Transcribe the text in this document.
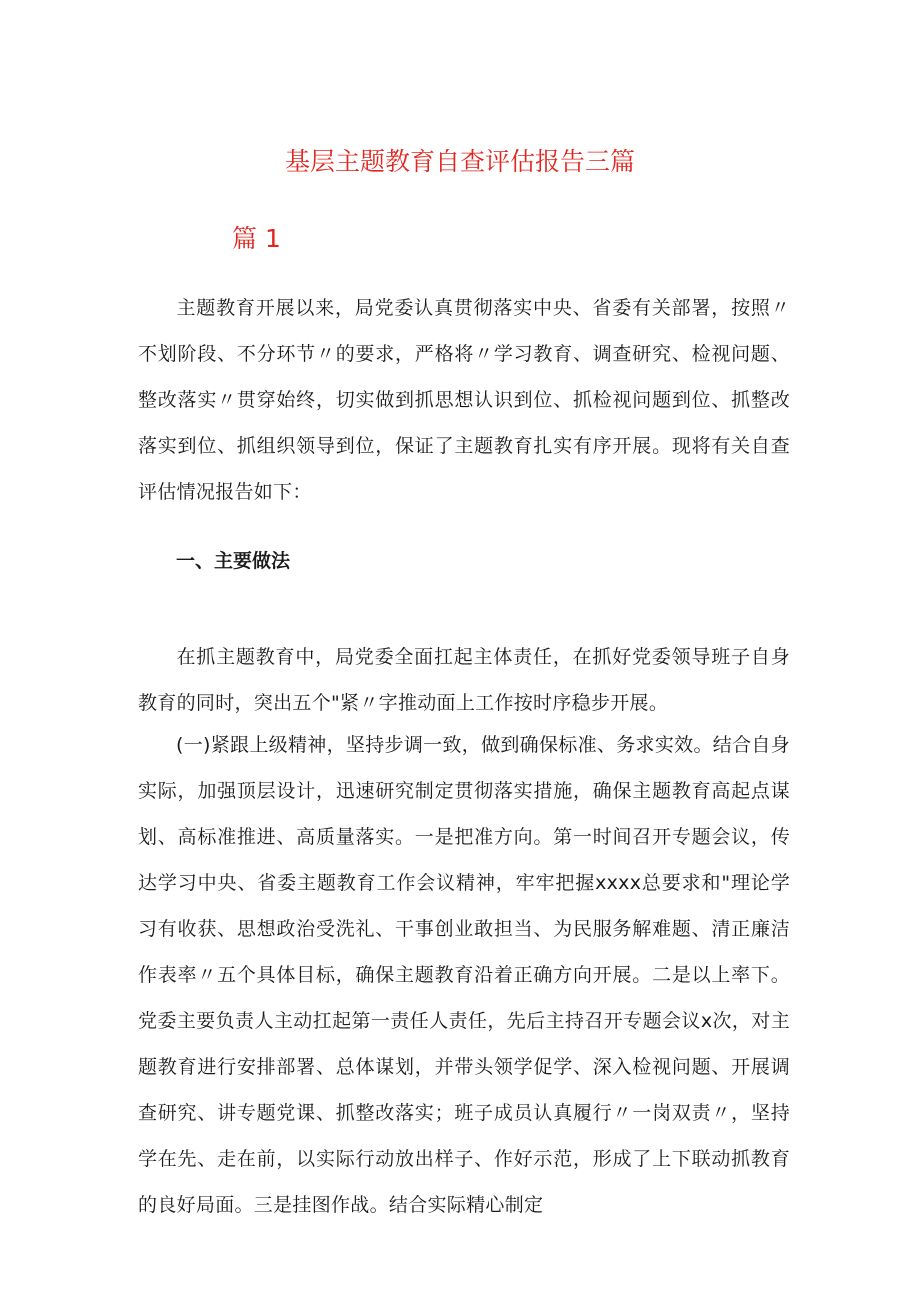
基层主题教育自查评估报告三篇
篇 1
主题教育开展以来，局党委认真贯彻落实中央、省委有关部署，按照〃不划阶段、不分环节〃的要求，严格将〃学习教育、调查研究、检视问题、整改落实〃贯穿始终，切实做到抓思想认识到位、抓检视问题到位、抓整改落实到位、抓组织领导到位，保证了主题教育扎实有序开展。现将有关自查评估情况报告如下：
一、主要做法
在抓主题教育中，局党委全面扛起主体责任，在抓好党委领导班子自身教育的同时，突出五个"紧〃字推动面上工作按时序稳步开展。
(一)紧跟上级精神，坚持步调一致，做到确保标准、务求实效。结合自身实际，加强顶层设计，迅速研究制定贯彻落实措施，确保主题教育高起点谋划、高标准推进、高质量落实。一是把准方向。第一时间召开专题会议，传达学习中央、省委主题教育工作会议精神，牢牢把握xxxx总要求和"理论学习有收获、思想政治受洗礼、干事创业敢担当、为民服务解难题、清正廉洁作表率〃五个具体目标，确保主题教育沿着正确方向开展。二是以上率下。党委主要负责人主动扛起第一责任人责任，先后主持召开专题会议x次，对主题教育进行安排部署、总体谋划，并带头领学促学、深入检视问题、开展调查研究、讲专题党课、抓整改落实；班子成员认真履行〃一岗双责〃，坚持学在先、走在前，以实际行动放出样子、作好示范，形成了上下联动抓教育的良好局面。三是挂图作战。结合实际精心制定
